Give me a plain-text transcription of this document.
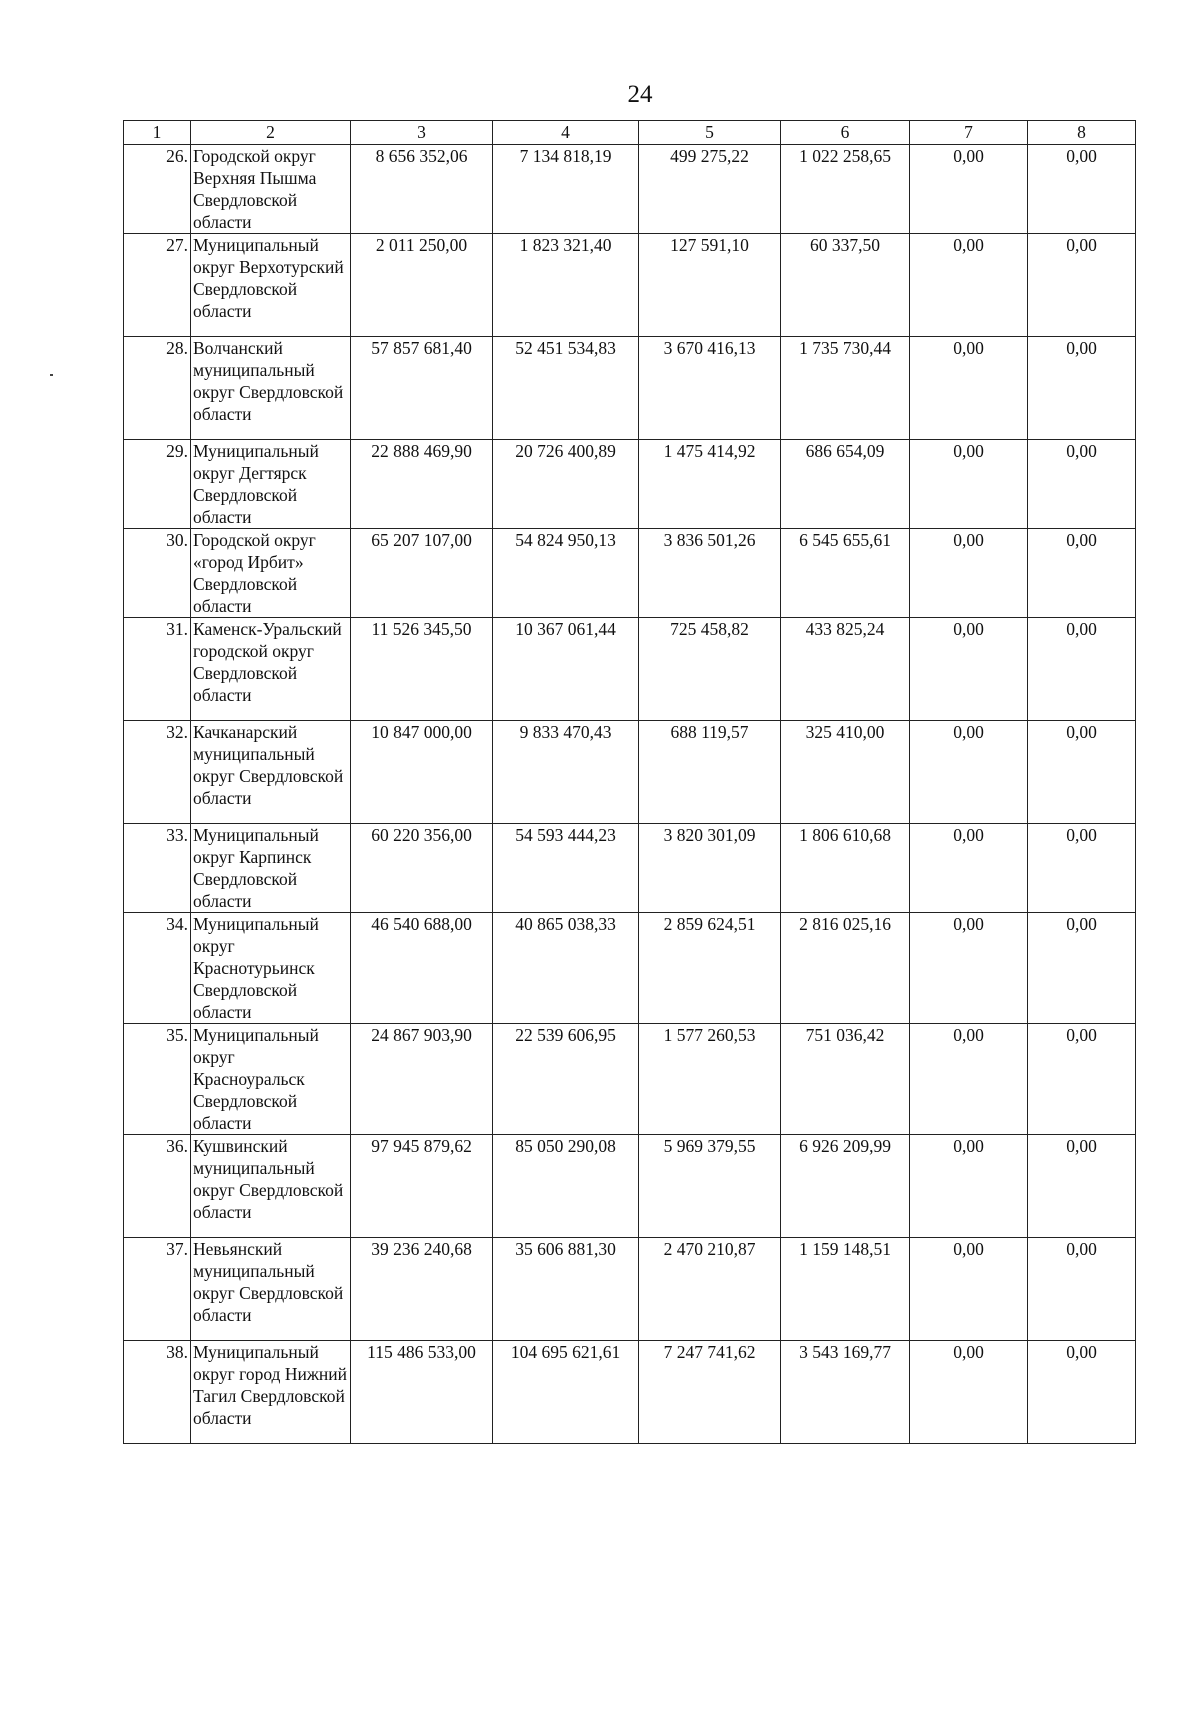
24
1	2	3	4	5	6	7	8
26.	Городской округ Верхняя Пышма Свердловской области	8 656 352,06	7 134 818,19	499 275,22	1 022 258,65	0,00	0,00
27.	Муниципальный округ Верхотурский Свердловской области	2 011 250,00	1 823 321,40	127 591,10	60 337,50	0,00	0,00
28.	Волчанский муниципальный округ Свердловской области	57 857 681,40	52 451 534,83	3 670 416,13	1 735 730,44	0,00	0,00
29.	Муниципальный округ Дегтярск Свердловской области	22 888 469,90	20 726 400,89	1 475 414,92	686 654,09	0,00	0,00
30.	Городской округ «город Ирбит» Свердловской области	65 207 107,00	54 824 950,13	3 836 501,26	6 545 655,61	0,00	0,00
31.	Каменск-Уральский городской округ Свердловской области	11 526 345,50	10 367 061,44	725 458,82	433 825,24	0,00	0,00
32.	Качканарский муниципальный округ Свердловской области	10 847 000,00	9 833 470,43	688 119,57	325 410,00	0,00	0,00
33.	Муниципальный округ Карпинск Свердловской области	60 220 356,00	54 593 444,23	3 820 301,09	1 806 610,68	0,00	0,00
34.	Муниципальный округ Краснотурьинск Свердловской области	46 540 688,00	40 865 038,33	2 859 624,51	2 816 025,16	0,00	0,00
35.	Муниципальный округ Красноуральск Свердловской области	24 867 903,90	22 539 606,95	1 577 260,53	751 036,42	0,00	0,00
36.	Кушвинский муниципальный округ Свердловской области	97 945 879,62	85 050 290,08	5 969 379,55	6 926 209,99	0,00	0,00
37.	Невьянский муниципальный округ Свердловской области	39 236 240,68	35 606 881,30	2 470 210,87	1 159 148,51	0,00	0,00
38.	Муниципальный округ город Нижний Тагил Свердловской области	115 486 533,00	104 695 621,61	7 247 741,62	3 543 169,77	0,00	0,00
